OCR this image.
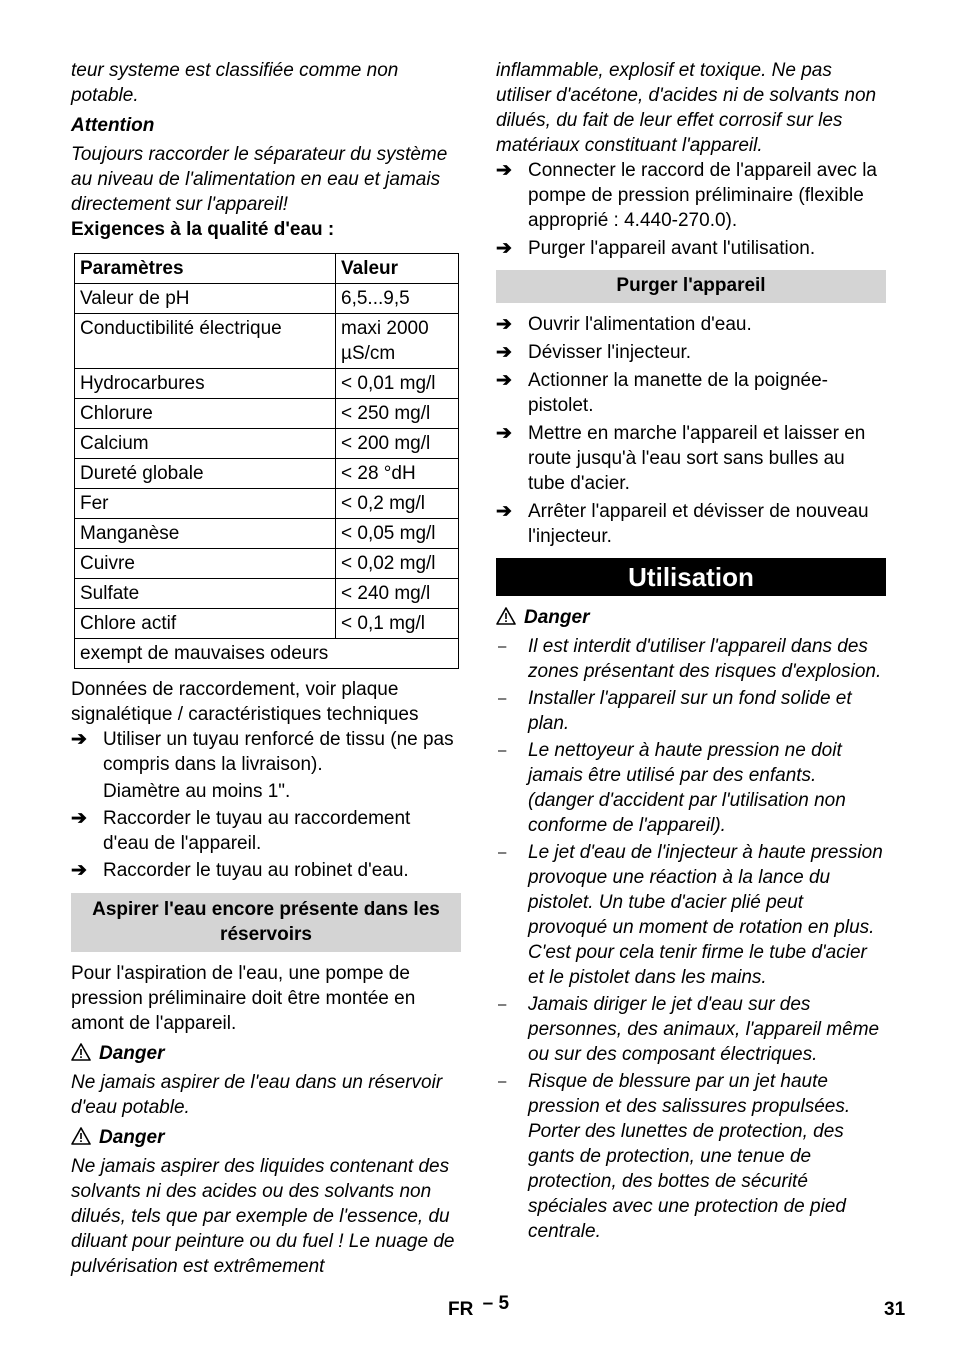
teur systeme est classifiée comme non potable.

Attention

Toujours raccorder le séparateur du système au niveau de l'alimentation en eau et jamais directement sur l'appareil!

Exigences à la qualité d'eau :

Paramètres	Valeur
Valeur de pH	6,5...9,5
Conductibilité électrique	maxi 2000 µS/cm
Hydrocarbures	< 0,01 mg/l
Chlorure	< 250 mg/l
Calcium	< 200 mg/l
Dureté globale	< 28 °dH
Fer	< 0,2 mg/l
Manganèse	< 0,05 mg/l
Cuivre	< 0,02 mg/l
Sulfate	< 240 mg/l
Chlore actif	< 0,1 mg/l
exempt de mauvaises odeurs	

Données de raccordement, voir plaque signalétique / caractéristiques techniques

➔ Utiliser un tuyau renforcé de tissu (ne pas compris dans la livraison).

Diamètre au moins 1".

➔ Raccorder le tuyau au raccordement d'eau de l'appareil.
➔ Raccorder le tuyau au robinet d'eau.
Aspirer l'eau encore présente dans les réservoirs

Pour l'aspiration de l'eau, une pompe de pression préliminaire doit être montée en amont de l'appareil.

Danger

Ne jamais aspirer de l'eau dans un réservoir d'eau potable.

Danger

Ne jamais aspirer des liquides contenant des solvants ni des acides ou des solvants non dilués, tels que par exemple de l'essence, du diluant pour peinture ou du fuel ! Le nuage de pulvérisation est extrêmement

inflammable, explosif et toxique. Ne pas utiliser d'acétone, d'acides ni de solvants non dilués, du fait de leur effet corrosif sur les matériaux constituant l'appareil.

➔ Connecter le raccord de l'appareil avec la pompe de pression préliminaire (flexible approprié : 4.440-270.0).
➔ Purger l'appareil avant l'utilisation.
Purger l'appareil
➔ Ouvrir l'alimentation d'eau.
➔ Dévisser l'injecteur.
➔ Actionner la manette de la poignée-pistolet.
➔ Mettre en marche l'appareil et laisser en route jusqu'à l'eau sort sans bulles au tube d'acier.
➔ Arrêter l'appareil et dévisser de nouveau l'injecteur.
Utilisation

Danger

– Il est interdit d'utiliser l'appareil dans des zones présentant des risques d'explosion.
– Installer l'appareil sur un fond solide et plan.
– Le nettoyeur à haute pression ne doit jamais être utilisé par des enfants. (danger d'accident par l'utilisation non conforme de l'appareil).
– Le jet d'eau de l'injecteur à haute pression provoque une réaction à la lance du pistolet. Un tube d'acier plié peut provoqué un moment de rotation en plus. C'est pour cela tenir firme le tube d'acier et le pistolet dans les mains.
– Jamais diriger le jet d'eau sur des personnes, des animaux, l'appareil même ou sur des composant électriques.
– Risque de blessure par un jet haute pression et des salissures propulsées. Porter des lunettes de protection, des gants de protection, une tenue de protection, des bottes de sécurité spéciales avec une protection de pied centrale.
FR – 5	31
